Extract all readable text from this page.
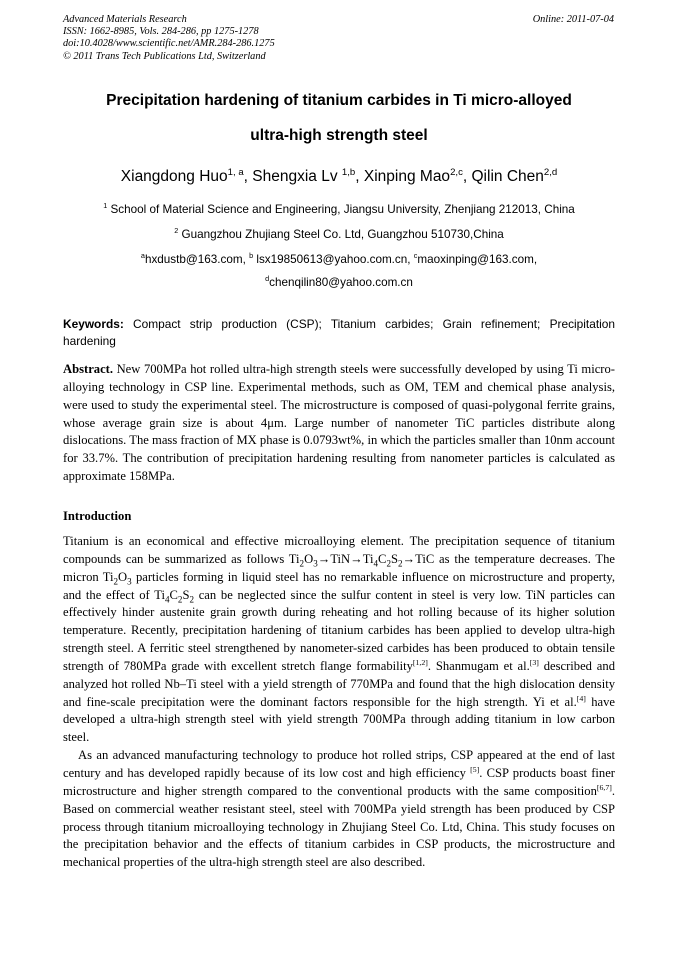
Advanced Materials Research
ISSN: 1662-8985, Vols. 284-286, pp 1275-1278
doi:10.4028/www.scientific.net/AMR.284-286.1275
© 2011 Trans Tech Publications Ltd, Switzerland
Online: 2011-07-04
Precipitation hardening of titanium carbides in Ti micro-alloyed
ultra-high strength steel
Xiangdong Huo$^{1, a}$, Shengxia Lv $^{1,b}$, Xinping Mao$^{2,c}$, Qilin Chen$^{2,d}$
$^1$ School of Material Science and Engineering, Jiangsu University, Zhenjiang 212013, China
$^2$ Guangzhou Zhujiang Steel Co. Ltd, Guangzhou 510730,China
$^a$hxdustb@163.com, $^b$ lsx19850613@yahoo.com.cn, $^c$maoxinping@163.com,
$^d$chenqilin80@yahoo.com.cn
Keywords: Compact strip production (CSP); Titanium carbides; Grain refinement; Precipitation hardening

Abstract. New 700MPa hot rolled ultra-high strength steels were successfully developed by using Ti micro-alloying technology in CSP line. Experimental methods, such as OM, TEM and chemical phase analysis, were used to study the experimental steel. The microstructure is composed of quasi-polygonal ferrite grains, whose average grain size is about 4μm. Large number of nanometer TiC particles distribute along dislocations. The mass fraction of MX phase is 0.0793wt%, in which the particles smaller than 10nm account for 33.7%. The contribution of precipitation hardening resulting from nanometer particles is calculated as approximate 158MPa.

Introduction

Titanium is an economical and effective microalloying element. The precipitation sequence of titanium compounds can be summarized as follows $Ti_2O_3\to TiN\to Ti_4C_2S_2\to TiC$ as the temperature decreases. The micron $Ti_2O_3$ particles forming in liquid steel has no remarkable influence on microstructure and property, and the effect of $Ti_4C_2S_2$ can be neglected since the sulfur content in steel is very low. TiN particles can effectively hinder austenite grain growth during reheating and hot rolling because of its higher solution temperature. Recently, precipitation hardening of titanium carbides has been applied to develop ultra-high strength steel. A ferritic steel strengthened by nanometer-sized carbides has been produced to obtain tensile strength of 780MPa grade with excellent stretch flange formability[1,2]. Shanmugam et al.[3] described and analyzed hot rolled Nb–Ti steel with a yield strength of 770MPa and found that the high dislocation density and fine-scale precipitation were the dominant factors responsible for the high strength. Yi et al.[4] have developed a ultra-high strength steel with yield strength 700MPa through adding titanium in low carbon steel.

As an advanced manufacturing technology to produce hot rolled strips, CSP appeared at the end of last century and has developed rapidly because of its low cost and high efficiency [5]. CSP products boast finer microstructure and higher strength compared to the conventional products with the same composition[6,7]. Based on commercial weather resistant steel, steel with 700MPa yield strength has been produced by CSP process through titanium microalloying technology in Zhujiang Steel Co. Ltd, China. This study focuses on the precipitation behavior and the effects of titanium carbides in CSP products, the microstructure and mechanical properties of the ultra-high strength steel are also described.
